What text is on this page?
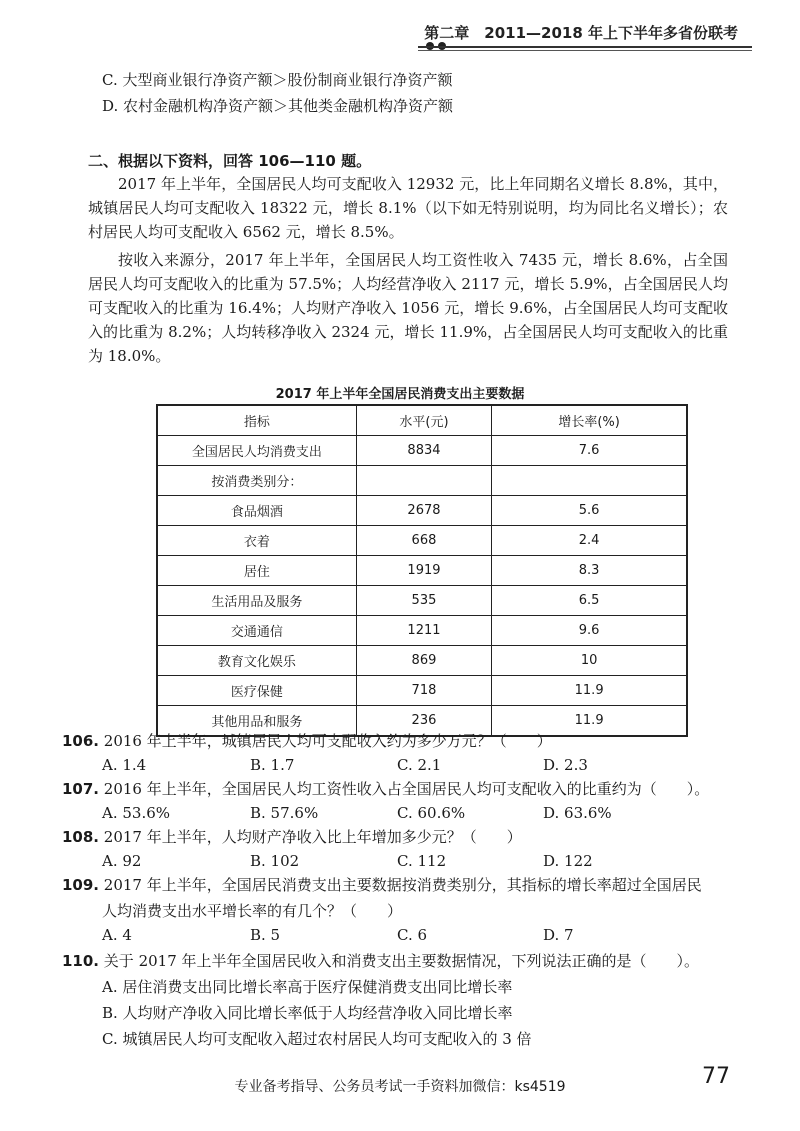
第二章　2011—2018 年上下半年多省份联考
C. 大型商业银行净资产额＞股份制商业银行净资产额
D. 农村金融机构净资产额＞其他类金融机构净资产额
二、根据以下资料，回答 106—110 题。

2017 年上半年，全国居民人均可支配收入 12932 元，比上年同期名义增长 8.8%，其中，城镇居民人均可支配收入 18322 元，增长 8.1%（以下如无特别说明，均为同比名义增长）；农村居民人均可支配收入 6562 元，增长 8.5%。

按收入来源分，2017 年上半年，全国居民人均工资性收入 7435 元，增长 8.6%，占全国居民人均可支配收入的比重为 57.5%；人均经营净收入 2117 元，增长 5.9%，占全国居民人均可支配收入的比重为 16.4%；人均财产净收入 1056 元，增长 9.6%，占全国居民人均可支配收入的比重为 8.2%；人均转移净收入 2324 元，增长 11.9%，占全国居民人均可支配收入的比重为 18.0%。

2017 年上半年全国居民消费支出主要数据
指标	水平(元)	增长率(%)
全国居民人均消费支出	8834	7.6
按消费类别分：		
食品烟酒	2678	5.6
衣着	668	2.4
居住	1919	8.3
生活用品及服务	535	6.5
交通通信	1211	9.6
教育文化娱乐	869	10
医疗保健	718	11.9
其他用品和服务	236	11.9
106. 2016 年上半年，城镇居民人均可支配收入约为多少万元？（　　）
A. 1.4	B. 1.7	C. 2.1	D. 2.3
107. 2016 年上半年，全国居民人均工资性收入占全国居民人均可支配收入的比重约为（　　）。
A. 53.6%	B. 57.6%	C. 60.6%	D. 63.6%
108. 2017 年上半年，人均财产净收入比上年增加多少元？（　　）
A. 92	B. 102	C. 112	D. 122
109. 2017 年上半年，全国居民消费支出主要数据按消费类别分，其指标的增长率超过全国居民
人均消费支出水平增长率的有几个？（　　）
A. 4	B. 5	C. 6	D. 7
110. 关于 2017 年上半年全国居民收入和消费支出主要数据情况，下列说法正确的是（　　）。
A. 居住消费支出同比增长率高于医疗保健消费支出同比增长率
B. 人均财产净收入同比增长率低于人均经营净收入同比增长率
C. 城镇居民人均可支配收入超过农村居民人均可支配收入的 3 倍
77
专业备考指导、公务员考试一手资料加微信：ks4519
